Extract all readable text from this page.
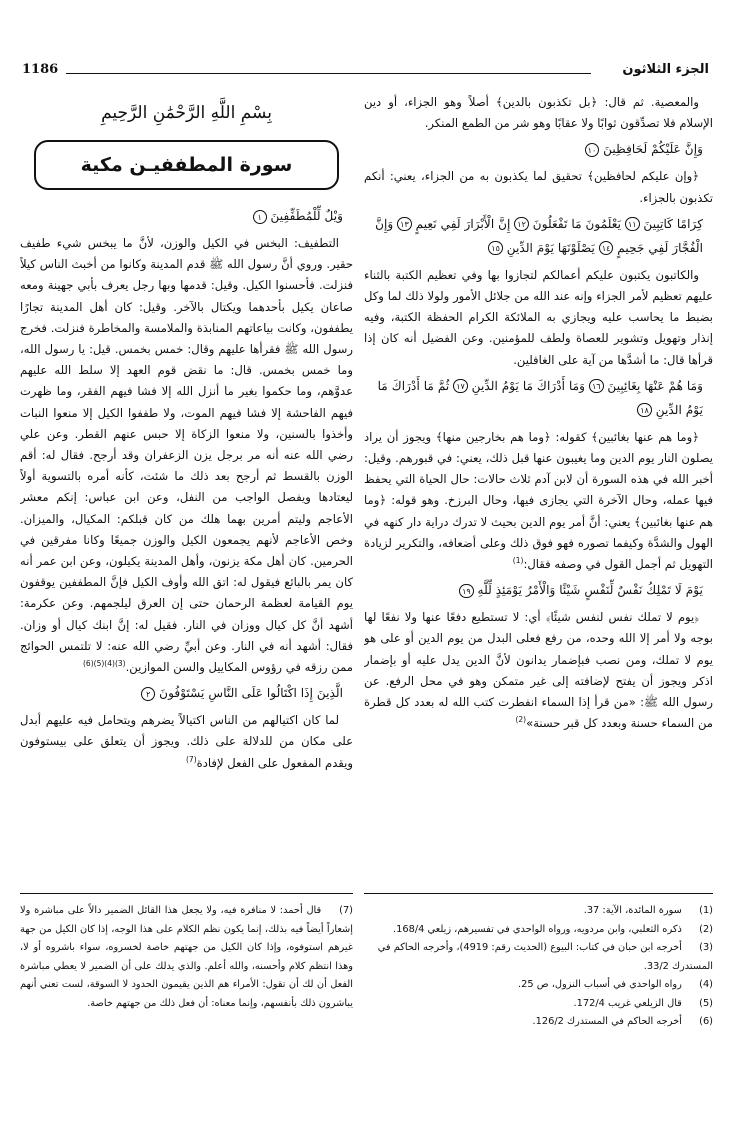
1186	الجزء الثلاثون

والمعصية. ثم قال: ﴿بل تكذبون بالدين﴾ أصلاً وهو الجزاء، أو دين الإسلام فلا تصدِّقون ثوابًا ولا عقابًا وهو شر من الطمع المنكر.

وَإِنَّ عَلَيْكُمْ لَحَافِظِينَ ١٠

﴿وإن عليكم لحافظين﴾ تحقيق لما يكذبون به من الجزاء، يعني: أنكم تكذبون بالجزاء.

كِرَامًا كَاتِبِينَ ١١ يَعْلَمُونَ مَا تَفْعَلُونَ ١٢ إِنَّ الْأَبْرَارَ لَفِي نَعِيمٍ ١٣ وَإِنَّ الْفُجَّارَ لَفِي جَحِيمٍ ١٤ يَصْلَوْنَهَا يَوْمَ الدِّينِ ١٥

والكاتبون يكتبون عليكم أعمالكم لتجازوا بها وفي تعظيم الكتبة بالثناء عليهم تعظيم لأمر الجزاء وإنه عند الله من جلائل الأمور ولولا ذلك لما وكل بضبط ما يحاسب عليه ويجازي به الملائكة الكرام الحفظة الكتبة، وفيه إنذار وتهويل وتشوير للعصاة ولطف للمؤمنين. وعن الفضيل أنه كان إذا قرأها قال: ما أشدَّها من آية على الغافلين.

وَمَا هُمْ عَنْهَا بِغَائِبِينَ ١٦ وَمَا أَدْرَاكَ مَا يَوْمُ الدِّينِ ١٧ ثُمَّ مَا أَدْرَاكَ مَا يَوْمُ الدِّينِ ١٨

﴿وما هم عنها بغائبين﴾ كقوله: ﴿وما هم بخارجين منها﴾ ويجوز أن يراد يصلون النار يوم الدين وما يغيبون عنها قبل ذلك، يعني: في قبورهم. وقيل: أخبر الله في هذه السورة أن لابن آدم ثلاث حالات: حال الحياة التي يحفظ فيها عمله، وحال الآخرة التي يجازى فيها، وحال البرزخ. وهو قوله: ﴿وما هم عنها بغائبين﴾ يعني: أنَّ أمر يوم الدين بحيث لا تدرك دراية دار كنهه في الهول والشدَّة وكيفما تصوره فهو فوق ذلك وعلى أضعافه، والتكرير لزيادة التهويل ثم أجمل القول في وصفه فقال:$^{(1)}$

يَوْمَ لَا تَمْلِكُ نَفْسٌ لِّنَفْسٍ شَيْئًا وَالْأَمْرُ يَوْمَئِذٍ لِّلَّهِ ١٩

﴿يوم لا تملك نفس لنفس شيئًا﴾ أي: لا تستطيع دفعًا عنها ولا نفعًا لها بوجه ولا أمر إلا الله وحده، من رفع فعلى البدل من يوم الدين أو على هو يوم لا تملك، ومن نصب فبإضمار يدانون لأنَّ الدين يدل عليه أو بإضمار اذكر ويجوز أن يفتح لإضافته إلى غير متمكن وهو في محل الرفع. عن رسول الله ﷺ: «من قرأ إذا السماء انفطرت كتب الله له بعدد كل قطرة من السماء حسنة وبعدد كل قبر حسنة»$^{(2)}$

بِسْمِ اللَّهِ الرَّحْمَٰنِ الرَّحِيمِ
سورة المطففيـن مكية
وَيْلٌ لِّلْمُطَفِّفِينَ ١

التطفيف: البخس في الكيل والوزن، لأنَّ ما يبخس شيء طفيف حقير. وروي أنَّ رسول الله ﷺ قدم المدينة وكانوا من أخبث الناس كيلاً فنزلت. فأحسنوا الكيل. وقيل: قدمها وبها رجل يعرف بأبي جهينة ومعه صاعان يكيل بأحدهما ويكتال بالآخر. وقيل: كان أهل المدينة تجارًا يطففون، وكانت بياعاتهم المنابذة والملامسة والمخاطرة فنزلت. فخرج رسول الله ﷺ فقرأها عليهم وقال: خمس بخمس. قيل: يا رسول الله، وما خمس بخمس. قال: ما نقض قوم العهد إلا سلط الله عليهم عدوَّهم، وما حكموا بغير ما أنزل الله إلا فشا فيهم الفقر، وما ظهرت فيهم الفاحشة إلا فشا فيهم الموت، ولا طففوا الكيل إلا منعوا النبات وأخذوا بالسنين، ولا منعوا الزكاة إلا حبس عنهم القطر. وعن علي رضي الله عنه أنه مر برجل يزن الزعفران وقد أرجح. فقال له: أقم الوزن بالقسط ثم أرجح بعد ذلك ما شئت، كأنه أمره بالتسوية أولاً ليعتادها ويفصل الواجب من النفل، وعن ابن عباس: إنكم معشر الأعاجم وليتم أمرين بهما هلك من كان قبلكم: المكيال، والميزان. وخص الأعاجم لأنهم يجمعون الكيل والوزن جميعًا وكانا مفرقين في الحرمين. كان أهل مكة يزنون، وأهل المدينة يكيلون، وعن ابن عمر أنه كان يمر بالبائع فيقول له: اتق الله وأوف الكيل فإنَّ المطففين يوقفون يوم القيامة لعظمة الرحمان حتى إن العرق ليلجمهم. وعن عكرمة: أشهد أنَّ كل كيال ووزان في النار. فقيل له: إنَّ ابنك كيال أو وزان. فقال: أشهد أنه في النار. وعن أبيِّ رضي الله عنه: لا تلتمس الحوائج ممن رزقه في رؤوس المكاييل والسن الموازين.$^{(3)(4)(5)(6)}$

الَّذِينَ إِذَا اكْتَالُوا عَلَى النَّاسِ يَسْتَوْفُونَ ٢

لما كان اكتيالهم من الناس اكتيالاً يضرهم ويتحامل فيه عليهم أبدل على مكان من للدلالة على ذلك. ويجوز أن يتعلق على بيستوفون ويقدم المفعول على الفعل لإفادة$^{(7)}$

(1) سورة المائدة، الآية: 37.
(2) ذكره الثعلبي، وابن مردويه، ورواه الواحدي في تفسيرهم، زيلعي 168/4.
(3) أخرجه ابن حبان في كتاب: البيوع (الحديث رقم: 4919)، وأخرجه الحاكم في المستدرك 33/2.
(4) رواه الواحدي في أسباب النزول، ص 25.
(5) قال الزيلعي غريب 172/4.
(6) أخرجه الحاكم في المستدرك 126/2.
(7) قال أحمد: لا منافرة فيه، ولا يجعل هذا القائل الضمير دالاً على مباشرة ولا إشعاراً أيضاً فيه بذلك، إنما يكون نظم الكلام على هذا الوجه، إذا كان الكيل من جهة غيرهم استوفوه، وإذا كان الكيل من جهتهم خاصة لخسروه، سواء باشروه أو لا، وهذا انتظم كلام وأحسنه، والله أعلم. والذي يدلك على أن الضمير لا يعطي مباشرة الفعل أن لك أن تقول: الأمراء هم الذين يقيمون الحدود لا السوقة، لست تعني أنهم يباشرون ذلك بأنفسهم، وإنما معناه: أن فعل ذلك من جهتهم خاصة.
